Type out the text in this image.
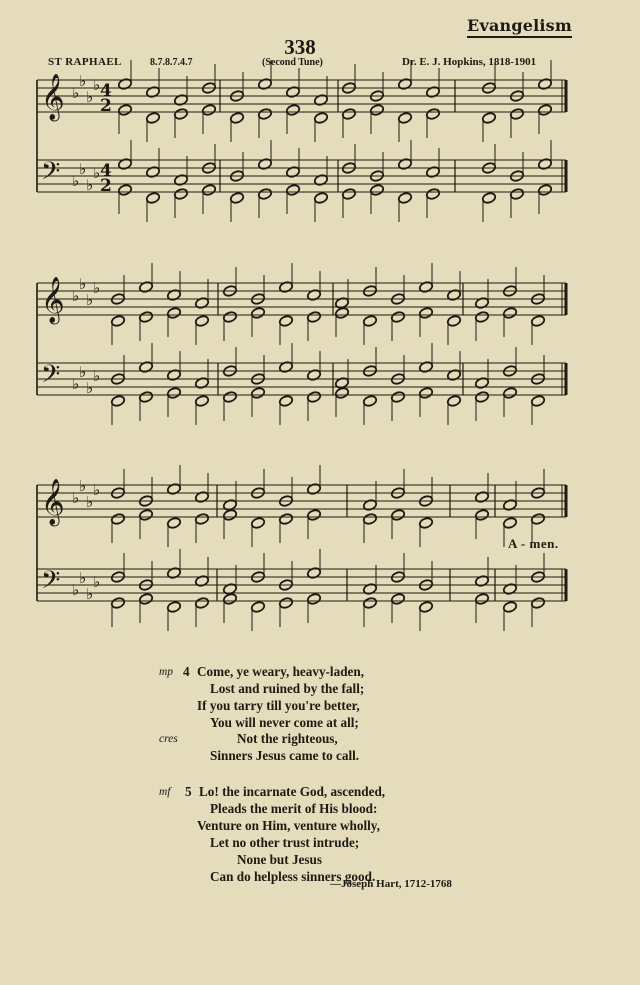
Evangelism
338
ST RAPHAEL	8.7.8.7.4.7	(Second Tune)	Dr. E. J. Hopkins, 1818-1901
𝄞 ♭
♭
♭
♭ 4
2
𝄢 ♭
♭
♭
♭ 4
2
𝄞 ♭
♭
♭
♭
𝄢 ♭
♭
♭
♭
𝄞 ♭
♭
♭
♭
𝄢 ♭
♭
♭
♭
A - men.
mp 4 Come, ye weary, heavy-laden,
Lost and ruined by the fall;
If you tarry till you're better,
You will never come at all;
cres	Not the righteous,
Sinners Jesus came to call.
mf 5 Lo! the incarnate God, ascended,
Pleads the merit of His blood:
Venture on Him, venture wholly,
Let no other trust intrude;
None but Jesus
Can do helpless sinners good.
—Joseph Hart, 1712-1768
